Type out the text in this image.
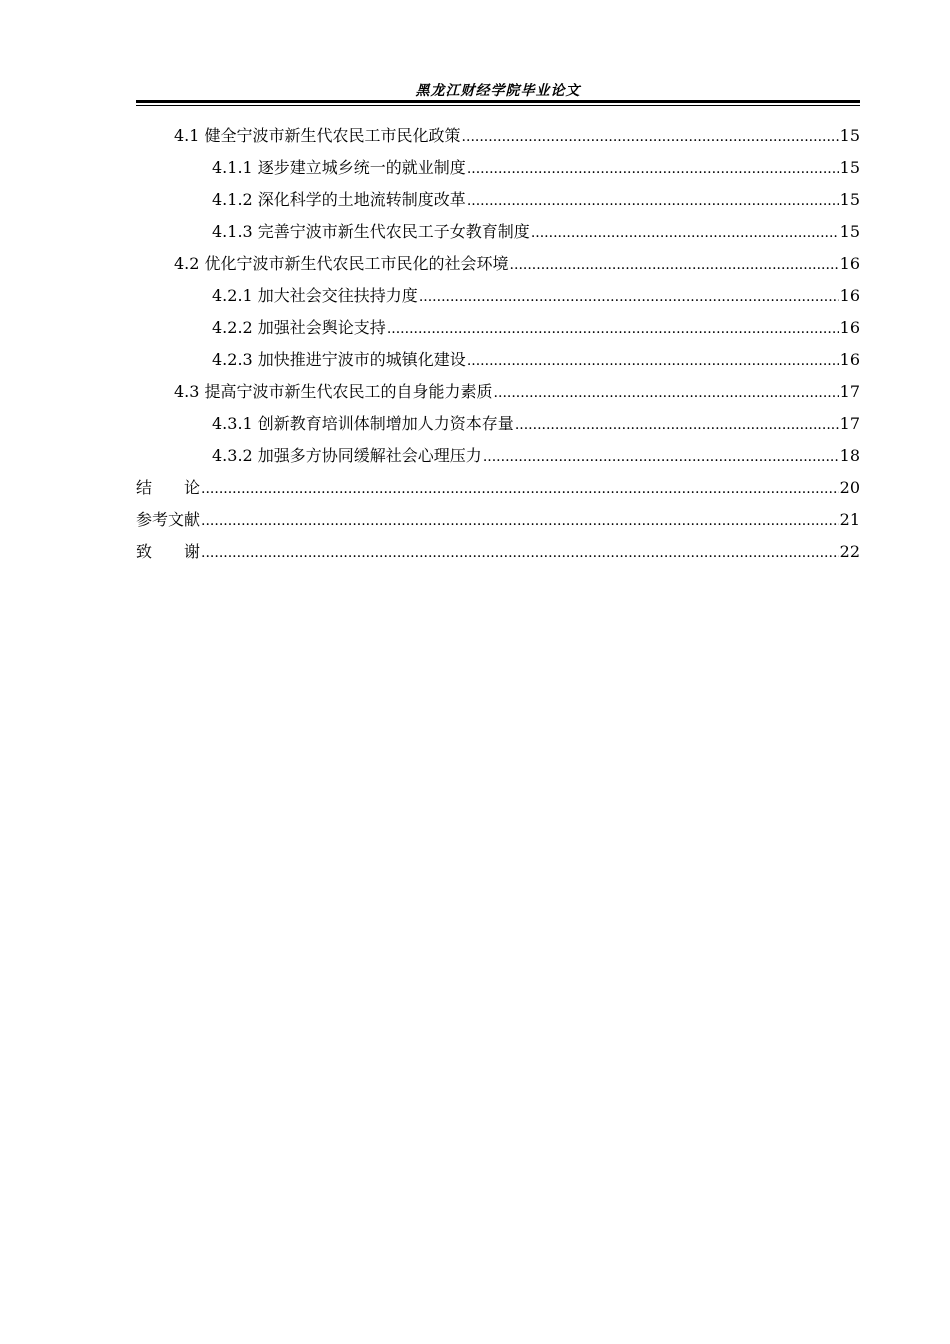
黑龙江财经学院毕业论文
4.1 健全宁波市新生代农民工市民化政策 .....	15
4.1.1 逐步建立城乡统一的就业制度 .....	15
4.1.2 深化科学的土地流转制度改革 .....	15
4.1.3 完善宁波市新生代农民工子女教育制度 .....	15
4.2 优化宁波市新生代农民工市民化的社会环境 .....	16
4.2.1 加大社会交往扶持力度 .....	16
4.2.2 加强社会舆论支持 .....	16
4.2.3 加快推进宁波市的城镇化建设 .....	16
4.3 提高宁波市新生代农民工的自身能力素质 .....	17
4.3.1 创新教育培训体制增加人力资本存量 .....	17
4.3.2 加强多方协同缓解社会心理压力 .....	18
结　　论 .....	20
参考文献 .....	21
致　　谢 .....	22
